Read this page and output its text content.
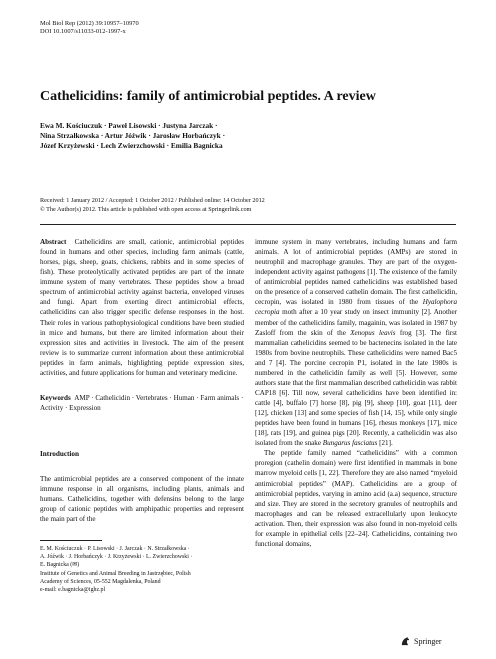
Mol Biol Rep (2012) 39:10957–10970
DOI 10.1007/s11033-012-1997-x
Cathelicidins: family of antimicrobial peptides. A review
Ewa M. Kościuczuk · Paweł Lisowski · Justyna Jarczak ·
Nina Strzałkowska · Artur Jóźwik · Jarosław Horbańczyk ·
Józef Krzyżewski · Lech Zwierzchowski · Emilia Bagnicka
Received: 1 January 2012 / Accepted: 1 October 2012 / Published online: 14 October 2012
© The Author(s) 2012. This article is published with open access at Springerlink.com

Abstract Cathelicidins are small, cationic, antimicrobial peptides found in humans and other species, including farm animals (cattle, horses, pigs, sheep, goats, chickens, rabbits and in some species of fish). These proteolytically activated peptides are part of the innate immune system of many vertebrates. These peptides show a broad spectrum of antimicrobial activity against bacteria, enveloped viruses and fungi. Apart from exerting direct antimicrobial effects, cathelicidins can also trigger specific defense responses in the host. Their roles in various pathophysiological conditions have been studied in mice and humans, but there are limited information about their expression sites and activities in livestock. The aim of the present review is to summarize current information about these antimicrobial peptides in farm animals, highlighting peptide expression sites, activities, and future applications for human and veterinary medicine.

Keywords AMP · Cathelicidin · Vertebrates · Human · Farm animals · Activity · Expression
Introduction

The antimicrobial peptides are a conserved component of the innate immune response in all organisms, including plants, animals and humans. Cathelicidins, together with defensins belong to the large group of cationic peptides with amphipathic properties and represent the main part of the

E. M. Kościuczuk · P. Lisowski · J. Jarczak · N. Strzałkowska ·
A. Jóźwik · J. Horbańczyk · J. Krzyżewski · L. Zwierzchowski ·
E. Bagnicka (✉)
Institute of Genetics and Animal Breeding in Jastrzębiec, Polish
Academy of Sciences, 05-552 Magdalenka, Poland
e-mail: e.bagnicka@ighz.pl

immune system in many vertebrates, including humans and farm animals. A lot of antimicrobial peptides (AMPs) are stored in neutrophil and macrophage granules. They are part of the oxygen-independent activity against pathogens [1]. The existence of the family of antimicrobial peptides named cathelicidins was established based on the presence of a conserved cathelin domain. The first cathelicidin, cecropin, was isolated in 1980 from tissues of the Hyalophora cecropia moth after a 10 year study on insect immunity [2]. Another member of the cathelicidins family, magainin, was isolated in 1987 by Zasloff from the skin of the Xenopus leavis frog [3]. The first mammalian cathelicidins seemed to be bactenecins isolated in the late 1980s from bovine neutrophils. These cathelicidins were named Bac5 and 7 [4]. The porcine cecropin P1, isolated in the late 1980s is numbered in the cathelicidin family as well [5]. However, some authors state that the first mammalian described cathelicidin was rabbit CAP18 [6]. Till now, several cathelicidins have been identified in: cattle [4], buffalo [7] horse [8], pig [9], sheep [10], goat [11], deer [12], chicken [13] and some species of fish [14, 15], while only single peptides have been found in humans [16], rhesus monkeys [17], mice [18], rats [19], and guinea pigs [20]. Recently, a cathelicidin was also isolated from the snake Bungarus fasciatus [21].

The peptide family named “cathelicidins” with a common proregion (cathelin domain) were first identified in mammals in bone marrow myeloid cells [1, 22]. Therefore they are also named “myeloid antimicrobial peptides” (MAP). Cathelicidins are a group of antimicrobial peptides, varying in amino acid (a.a) sequence, structure and size. They are stored in the secretory granules of neutrophils and macrophages and can be released extracellularly upon leukocyte activation. Then, their expression was also found in non-myeloid cells for example in epithelial cells [22–24]. Cathelicidins, containing two functional domains,

Springer
